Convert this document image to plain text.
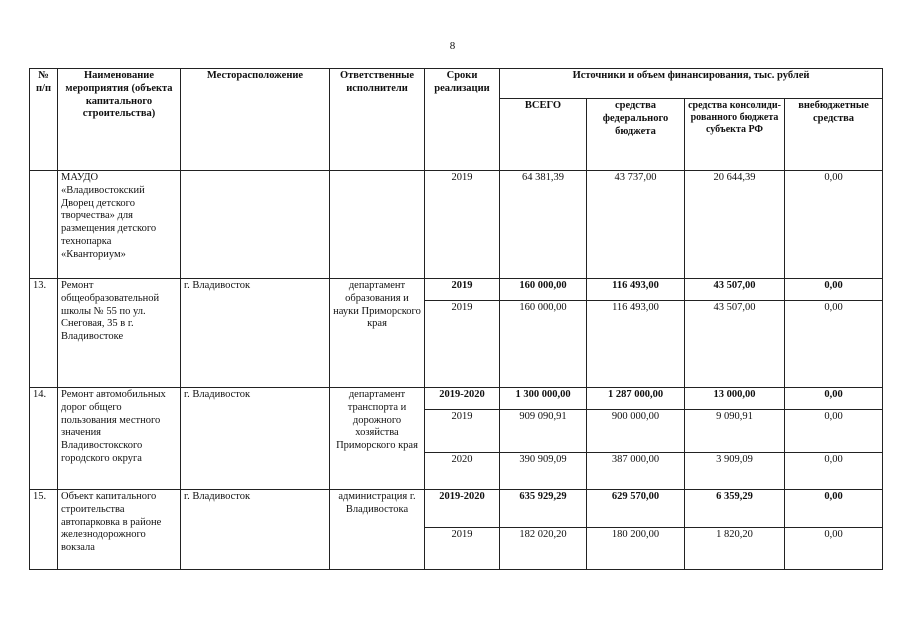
8
№ п/п	Наименование мероприятия (объекта капитального строительства)	Месторасположение	Ответственные исполнители	Сроки реализации	Источники и объем финансирования, тыс. рублей			
					ВСЕГО	средства федерального бюджета	средства консолиди-рованного бюджета субъекта РФ	внебюджетные средства
	МАУДО «Владивостокский Дворец детского творчества» для размещения детского технопарка «Кванториум»			2019	64 381,39	43 737,00	20 644,39	0,00
13.	Ремонт общеобразовательной школы № 55 по ул. Снеговая, 35 в г. Владивостоке	г. Владивосток	департамент образования и науки Приморского края	2019	160 000,00	116 493,00	43 507,00	0,00
				2019	160 000,00	116 493,00	43 507,00	0,00
14.	Ремонт автомобильных дорог общего пользования местного значения Владивостокского городского округа	г. Владивосток	департамент транспорта и дорожного хозяйства Приморского края	2019-2020	1 300 000,00	1 287 000,00	13 000,00	0,00
				2019	909 090,91	900 000,00	9 090,91	0,00
				2020	390 909,09	387 000,00	3 909,09	0,00
15.	Объект капитального строительства автопарковка в районе железнодорожного вокзала	г. Владивосток	администрация г. Владивостока	2019-2020	635 929,29	629 570,00	6 359,29	0,00
				2019	182 020,20	180 200,00	1 820,20	0,00
